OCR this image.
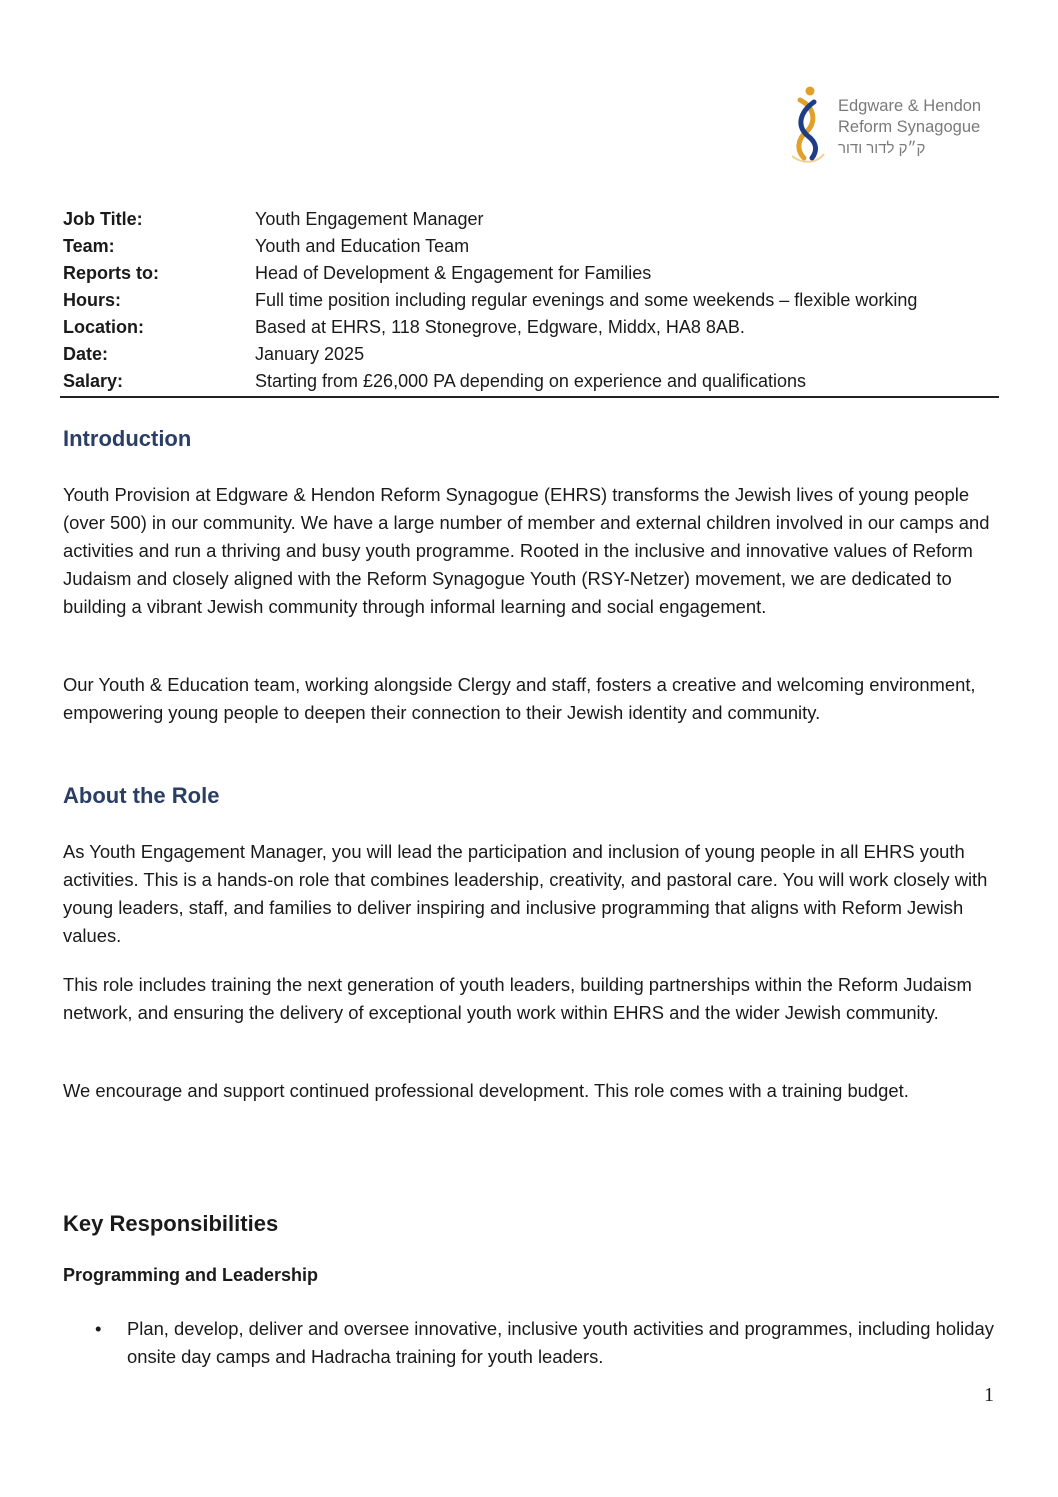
Edgware & Hendon
Reform Synagogue
ק״ק לדור ודור
Job Title:	Youth Engagement Manager
Team:	Youth and Education Team
Reports to:	Head of Development & Engagement for Families
Hours:	Full time position including regular evenings and some weekends – flexible working
Location:	Based at EHRS, 118 Stonegrove, Edgware, Middx, HA8 8AB.
Date:	January 2025
Salary:	Starting from £26,000 PA depending on experience and qualifications
Introduction

Youth Provision at Edgware & Hendon Reform Synagogue (EHRS) transforms the Jewish lives of young people (over 500) in our community. We have a large number of member and external children involved in our camps and activities and run a thriving and busy youth programme. Rooted in the inclusive and innovative values of Reform Judaism and closely aligned with the Reform Synagogue Youth (RSY-Netzer) movement, we are dedicated to building a vibrant Jewish community through informal learning and social engagement.

Our Youth & Education team, working alongside Clergy and staff, fosters a creative and welcoming environment, empowering young people to deepen their connection to their Jewish identity and community.

About the Role

As Youth Engagement Manager, you will lead the participation and inclusion of young people in all EHRS youth activities. This is a hands-on role that combines leadership, creativity, and pastoral care. You will work closely with young leaders, staff, and families to deliver inspiring and inclusive programming that aligns with Reform Jewish values.

This role includes training the next generation of youth leaders, building partnerships within the Reform Judaism network, and ensuring the delivery of exceptional youth work within EHRS and the wider Jewish community.

We encourage and support continued professional development. This role comes with a training budget.

Key Responsibilities
Programming and Leadership
• Plan, develop, deliver and oversee innovative, inclusive youth activities and programmes, including holiday onsite day camps and Hadracha training for youth leaders.
1
